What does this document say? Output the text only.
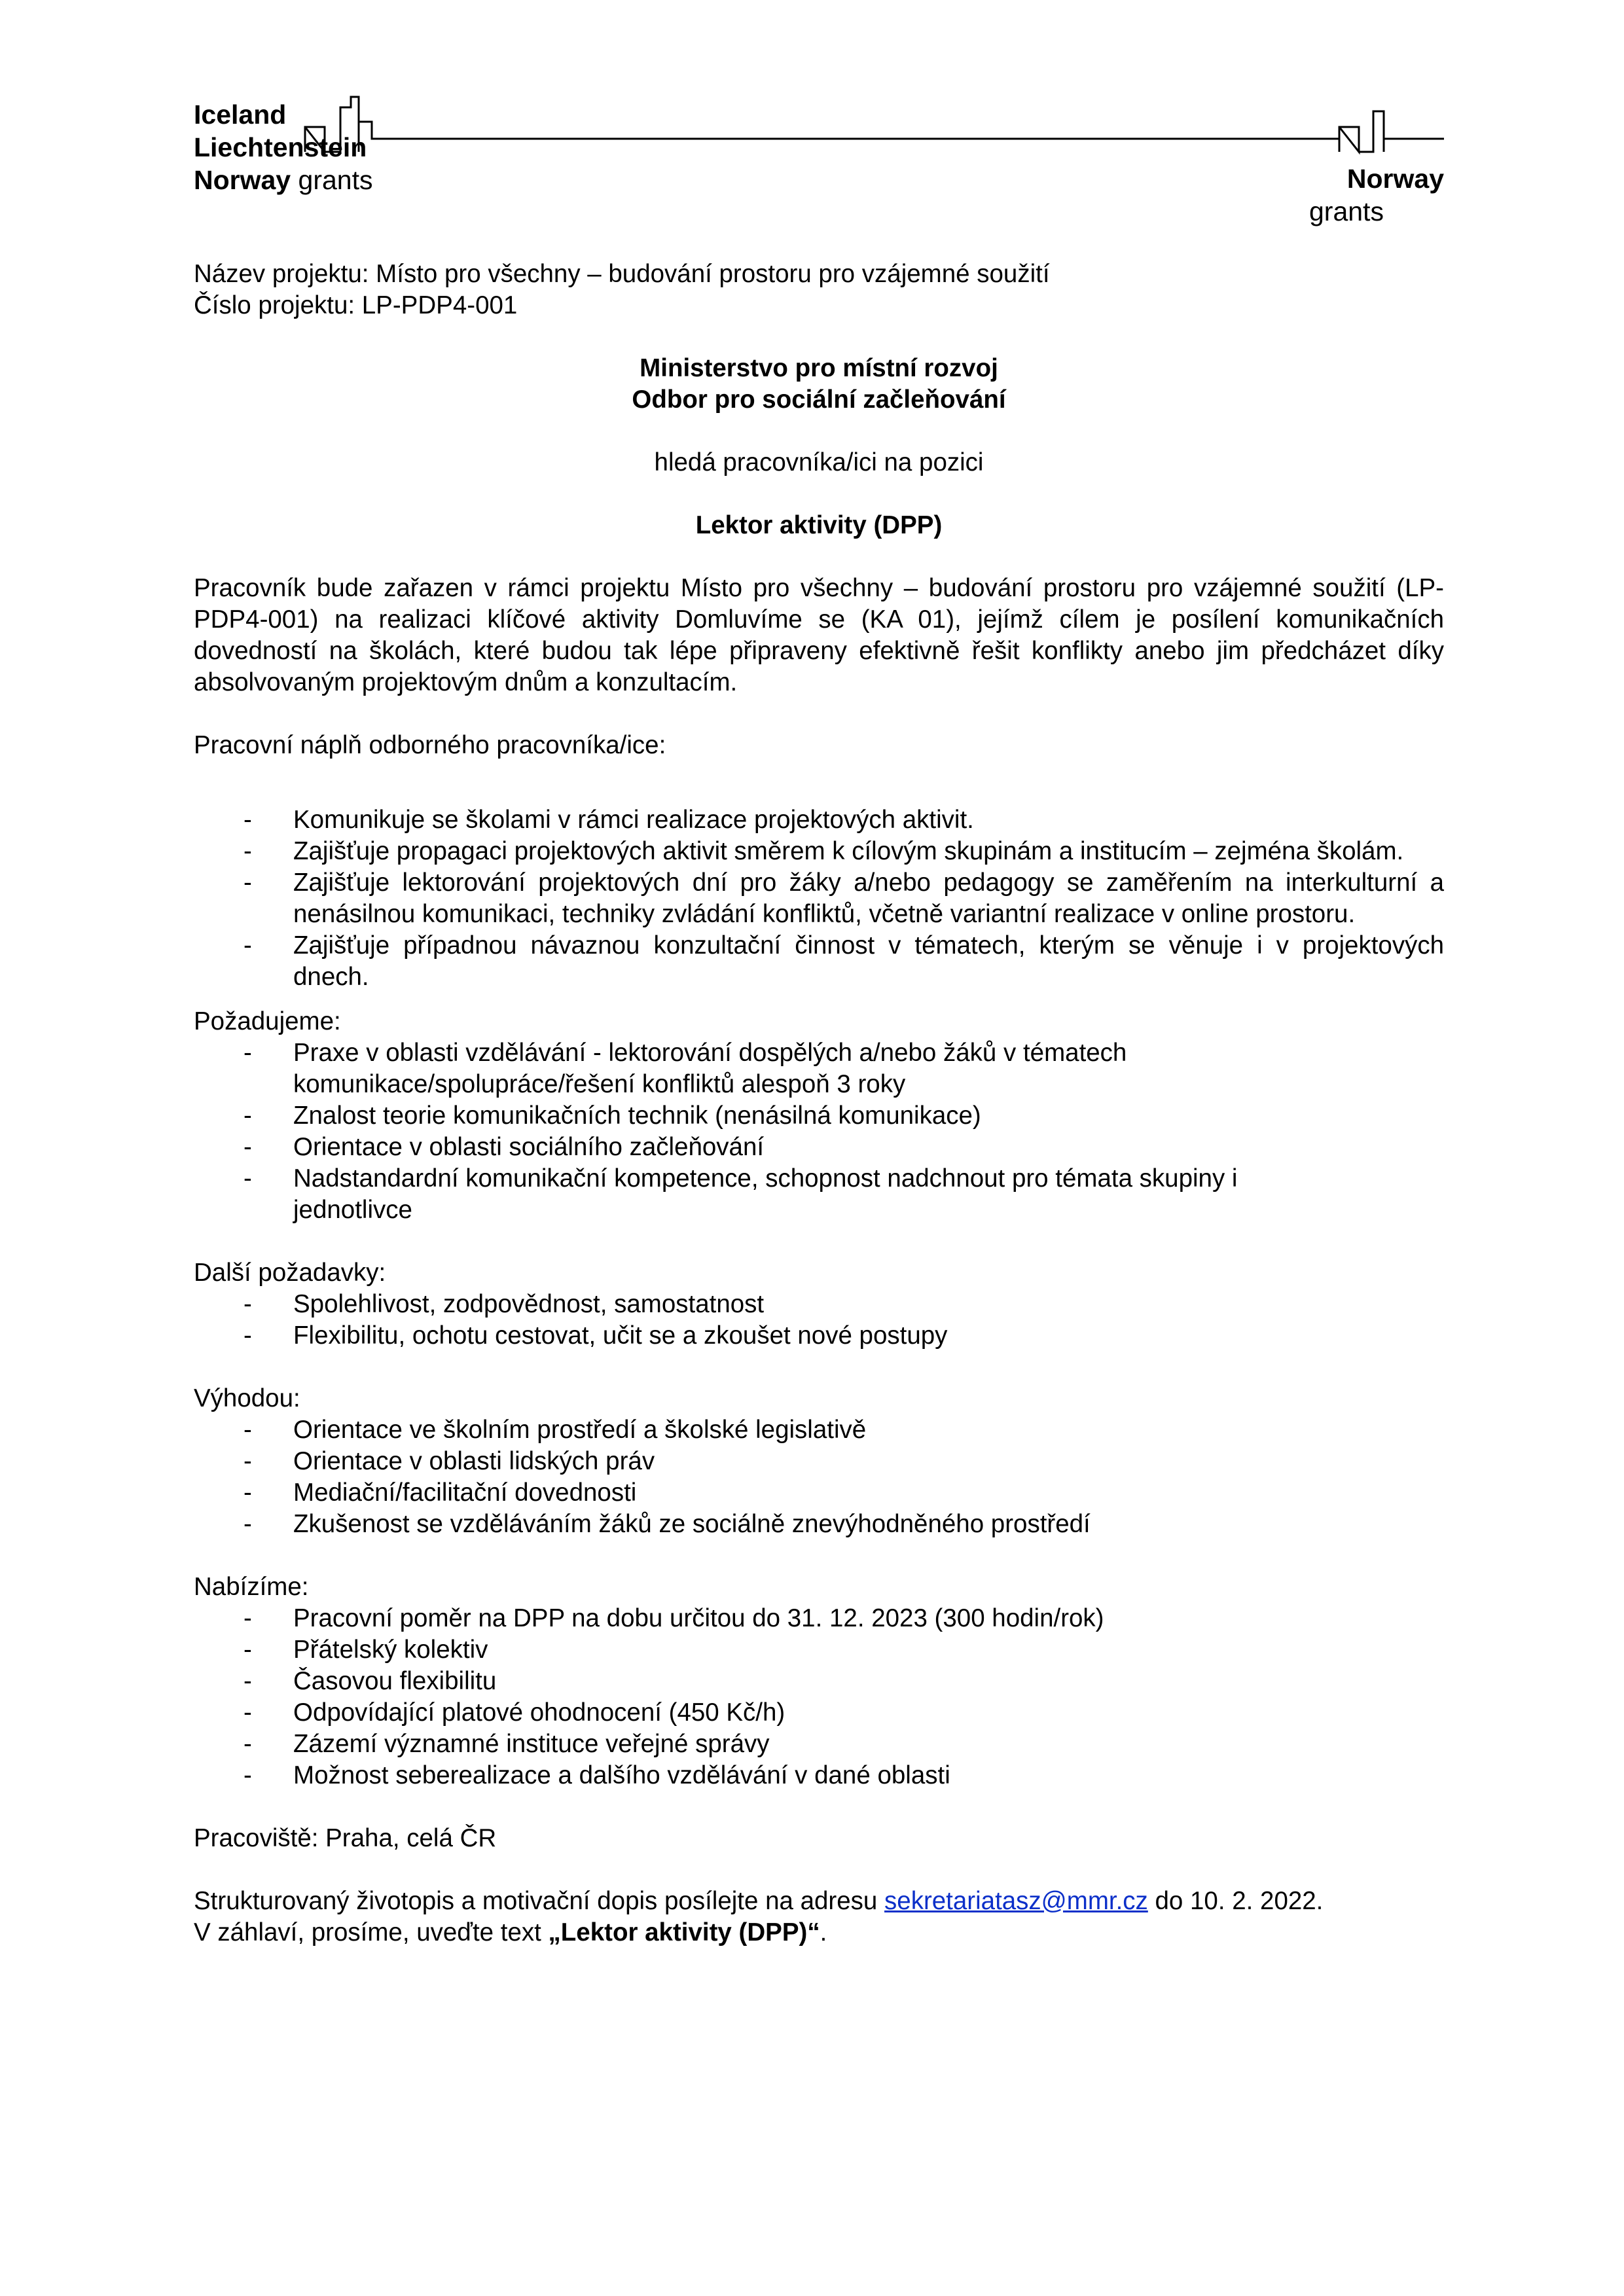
Iceland
Liechtenstein
Norway grants	Norway
grants

Název projektu: Místo pro všechny – budování prostoru pro vzájemné soužití

Číslo projektu: LP-PDP4-001

Ministerstvo pro místní rozvoj

Odbor pro sociální začleňování

hledá pracovníka/ici na pozici

Lektor aktivity (DPP)

Pracovník bude zařazen v rámci projektu Místo pro všechny – budování prostoru pro vzájemné soužití (LP-PDP4-001) na realizaci klíčové aktivity Domluvíme se (KA 01), jejímž cílem je posílení komunikačních dovedností na školách, které budou tak lépe připraveny efektivně řešit konflikty anebo jim předcházet díky absolvovaným projektovým dnům a konzultacím.

Pracovní náplň odborného pracovníka/ice:

- Komunikuje se školami v rámci realizace projektových aktivit.
- Zajišťuje propagaci projektových aktivit směrem k cílovým skupinám a institucím – zejména školám.
- Zajišťuje lektorování projektových dní pro žáky a/nebo pedagogy se zaměřením na interkulturní a nenásilnou komunikaci, techniky zvládání konfliktů, včetně variantní realizace v online prostoru.
- Zajišťuje případnou návaznou konzultační činnost v tématech, kterým se věnuje i v projektových dnech.

Požadujeme:

- Praxe v oblasti vzdělávání - lektorování dospělých a/nebo žáků v tématech komunikace/spolupráce/řešení konfliktů alespoň 3 roky
- Znalost teorie komunikačních technik (nenásilná komunikace)
- Orientace v oblasti sociálního začleňování
- Nadstandardní komunikační kompetence, schopnost nadchnout pro témata skupiny i jednotlivce

Další požadavky:

- Spolehlivost, zodpovědnost, samostatnost
- Flexibilitu, ochotu cestovat, učit se a zkoušet nové postupy

Výhodou:

- Orientace ve školním prostředí a školské legislativě
- Orientace v oblasti lidských práv
- Mediační/facilitační dovednosti
- Zkušenost se vzděláváním žáků ze sociálně znevýhodněného prostředí

Nabízíme:

- Pracovní poměr na DPP na dobu určitou do 31. 12. 2023 (300 hodin/rok)
- Přátelský kolektiv
- Časovou flexibilitu
- Odpovídající platové ohodnocení (450 Kč/h)
- Zázemí významné instituce veřejné správy
- Možnost seberealizace a dalšího vzdělávání v dané oblasti

Pracoviště: Praha, celá ČR

Strukturovaný životopis a motivační dopis posílejte na adresu sekretariatasz@mmr.cz do 10. 2. 2022.

V záhlaví, prosíme, uveďte text „Lektor aktivity (DPP)“.
